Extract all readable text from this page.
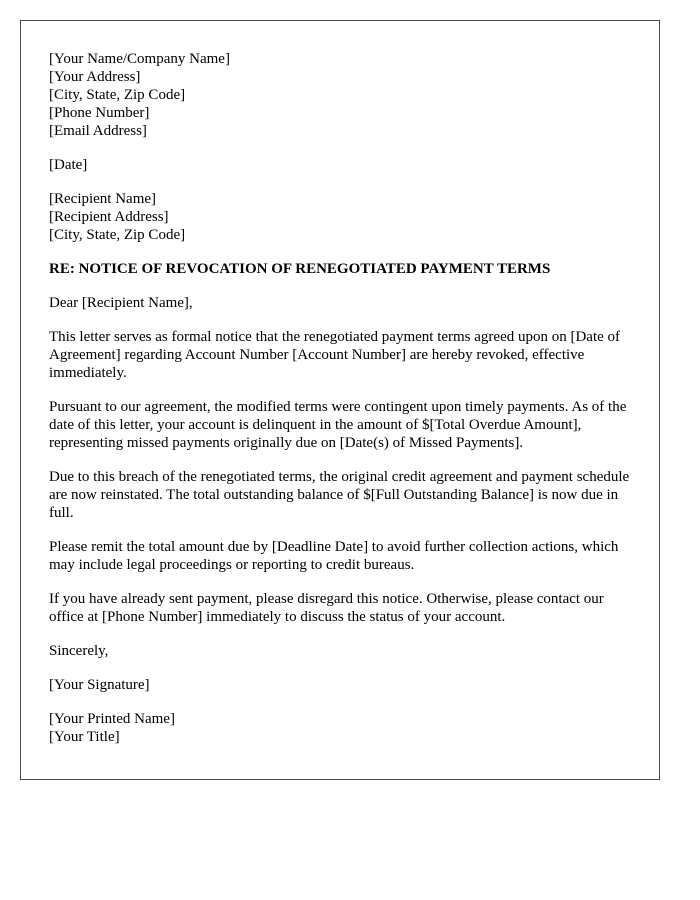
[Your Name/Company Name]
[Your Address]
[City, State, Zip Code]
[Phone Number]
[Email Address]
[Date]
[Recipient Name]
[Recipient Address]
[City, State, Zip Code]
RE: NOTICE OF REVOCATION OF RENEGOTIATED PAYMENT TERMS

Dear [Recipient Name],

This letter serves as formal notice that the renegotiated payment terms agreed upon on [Date of Agreement] regarding Account Number [Account Number] are hereby revoked, effective immediately.

Pursuant to our agreement, the modified terms were contingent upon timely payments. As of the date of this letter, your account is delinquent in the amount of $[Total Overdue Amount], representing missed payments originally due on [Date(s) of Missed Payments].

Due to this breach of the renegotiated terms, the original credit agreement and payment schedule are now reinstated. The total outstanding balance of $[Full Outstanding Balance] is now due in full.

Please remit the total amount due by [Deadline Date] to avoid further collection actions, which may include legal proceedings or reporting to credit bureaus.

If you have already sent payment, please disregard this notice. Otherwise, please contact our office at [Phone Number] immediately to discuss the status of your account.

Sincerely,

[Your Signature]

[Your Printed Name]
[Your Title]
